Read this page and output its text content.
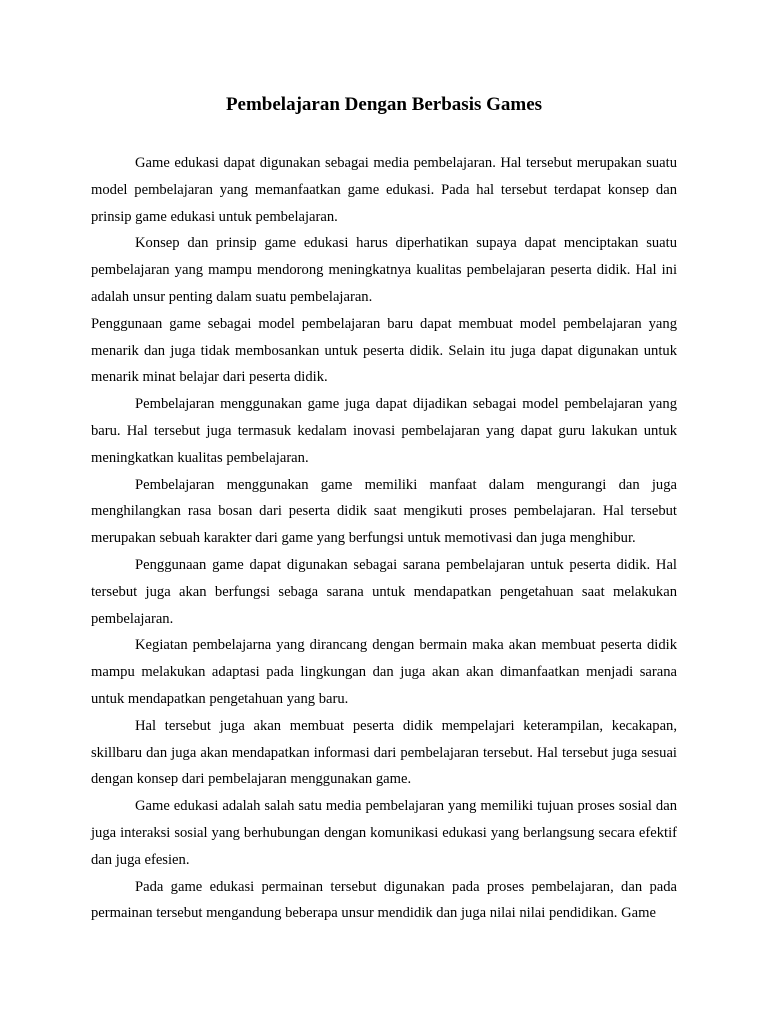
Pembelajaran Dengan Berbasis Games

Game edukasi dapat digunakan sebagai media pembelajaran. Hal tersebut merupakan suatu model pembelajaran yang memanfaatkan game edukasi. Pada hal tersebut terdapat konsep dan prinsip game edukasi untuk pembelajaran.

Konsep dan prinsip game edukasi harus diperhatikan supaya dapat menciptakan suatu pembelajaran yang mampu mendorong meningkatnya kualitas pembelajaran peserta didik. Hal ini adalah unsur penting dalam suatu pembelajaran.

Penggunaan game sebagai model pembelajaran baru dapat membuat model pembelajaran yang menarik dan juga tidak membosankan untuk peserta didik. Selain itu juga dapat digunakan untuk menarik minat belajar dari peserta didik.

Pembelajaran menggunakan game juga dapat dijadikan sebagai model pembelajaran yang baru. Hal tersebut juga termasuk kedalam inovasi pembelajaran yang dapat guru lakukan untuk meningkatkan kualitas pembelajaran.

Pembelajaran menggunakan game memiliki manfaat dalam mengurangi dan juga menghilangkan rasa bosan dari peserta didik saat mengikuti proses pembelajaran. Hal tersebut merupakan sebuah karakter dari game yang berfungsi untuk memotivasi dan juga menghibur.

Penggunaan game dapat digunakan sebagai sarana pembelajaran untuk peserta didik. Hal tersebut juga akan berfungsi sebaga sarana untuk mendapatkan pengetahuan saat melakukan pembelajaran.

Kegiatan pembelajarna yang dirancang dengan bermain maka akan membuat peserta didik mampu melakukan adaptasi pada lingkungan dan juga akan akan dimanfaatkan menjadi sarana untuk mendapatkan pengetahuan yang baru.

Hal tersebut juga akan membuat peserta didik mempelajari keterampilan, kecakapan, skillbaru dan juga akan mendapatkan informasi dari pembelajaran tersebut. Hal tersebut juga sesuai dengan konsep dari pembelajaran menggunakan game.

Game edukasi adalah salah satu media pembelajaran yang memiliki tujuan proses sosial dan juga interaksi sosial yang berhubungan dengan komunikasi edukasi yang berlangsung secara efektif dan juga efesien.

Pada game edukasi permainan tersebut digunakan pada proses pembelajaran, dan pada permainan tersebut mengandung beberapa unsur mendidik dan juga nilai nilai pendidikan. Game
